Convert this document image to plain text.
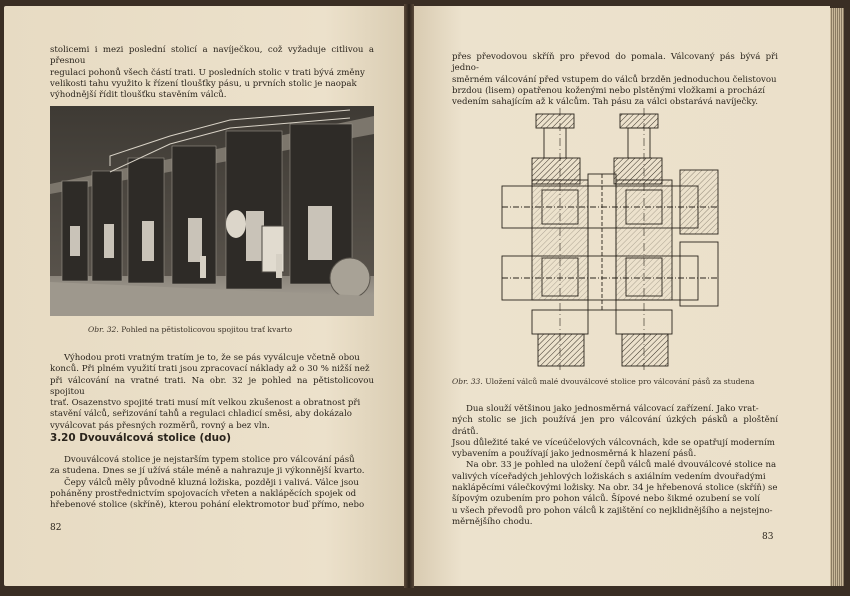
stolicemi i mezi poslední stolicí a navíječkou, což vyžaduje citlivou a přesnou

regulaci pohonů všech částí trati. U posledních stolic v trati bývá změny

velikosti tahu využito k řízení tloušťky pásu, u prvních stolic je naopak

výhodnější řídit tloušťku stavěním válců.

Obr. 32. Pohled na pětistolicovou spojitou trať kvarto

Výhodou proti vratným tratím je to, že se pás vyválcuje včetně obou

konců. Při plném využití trati jsou zpracovací náklady až o 30 % nižší než

při válcování na vratné trati. Na obr. 32 je pohled na pětistolicovou spojitou

trať. Osazenstvo spojité trati musí mít velkou zkušenost a obratnost při

stavění válců, seřizování tahů a regulaci chladicí směsi, aby dokázalo

vyválcovat pás přesných rozměrů, rovný a bez vln.

3.20 Dvouválcová stolice (duo)

Dvouválcová stolice je nejstarším typem stolice pro válcování pásů

za studena. Dnes se jí užívá stále méně a nahrazuje ji výkonnější kvarto.

Čepy válců měly původně kluzná ložiska, později i valivá. Válce jsou

poháněny prostřednictvím spojovacích vřeten a naklápěcích spojek od

hřebenové stolice (skříně), kterou pohání elektromotor buď přímo, nebo

82

přes převodovou skříň pro převod do pomala. Válcovaný pás bývá při jedno-

směrném válcování před vstupem do válců brzděn jednoduchou čelistovou

brzdou (lisem) opatřenou koženými nebo plstěnými vložkami a prochází

vedením sahajícím až k válcům. Tah pásu za válci obstarává navíječky.

Obr. 33. Uložení válců malé dvouválcové stolice pro válcování pásů za studena

Dua slouží většinou jako jednosměrná válcovací zařízení. Jako vrat-

ných stolic se jich používá jen pro válcování úzkých pásků a ploštění drátů.

Jsou důležité také ve víceúčelových válcovnách, kde se opatřují moderním

vybavením a používají jako jednosměrná k hlazení pásů.

Na obr. 33 je pohled na uložení čepů válců malé dvouválcové stolice na

valivých víceřadých jehlových ložiskách s axiálním vedením dvouřadými

naklápěcími válečkovými ložisky. Na obr. 34 je hřebenová stolice (skříň) se

šípovým ozubením pro pohon válců. Šípové nebo šikmé ozubení se volí

u všech převodů pro pohon válců k zajištění co nejklidnějšího a nejstejno-

měrnějšího chodu.

83
